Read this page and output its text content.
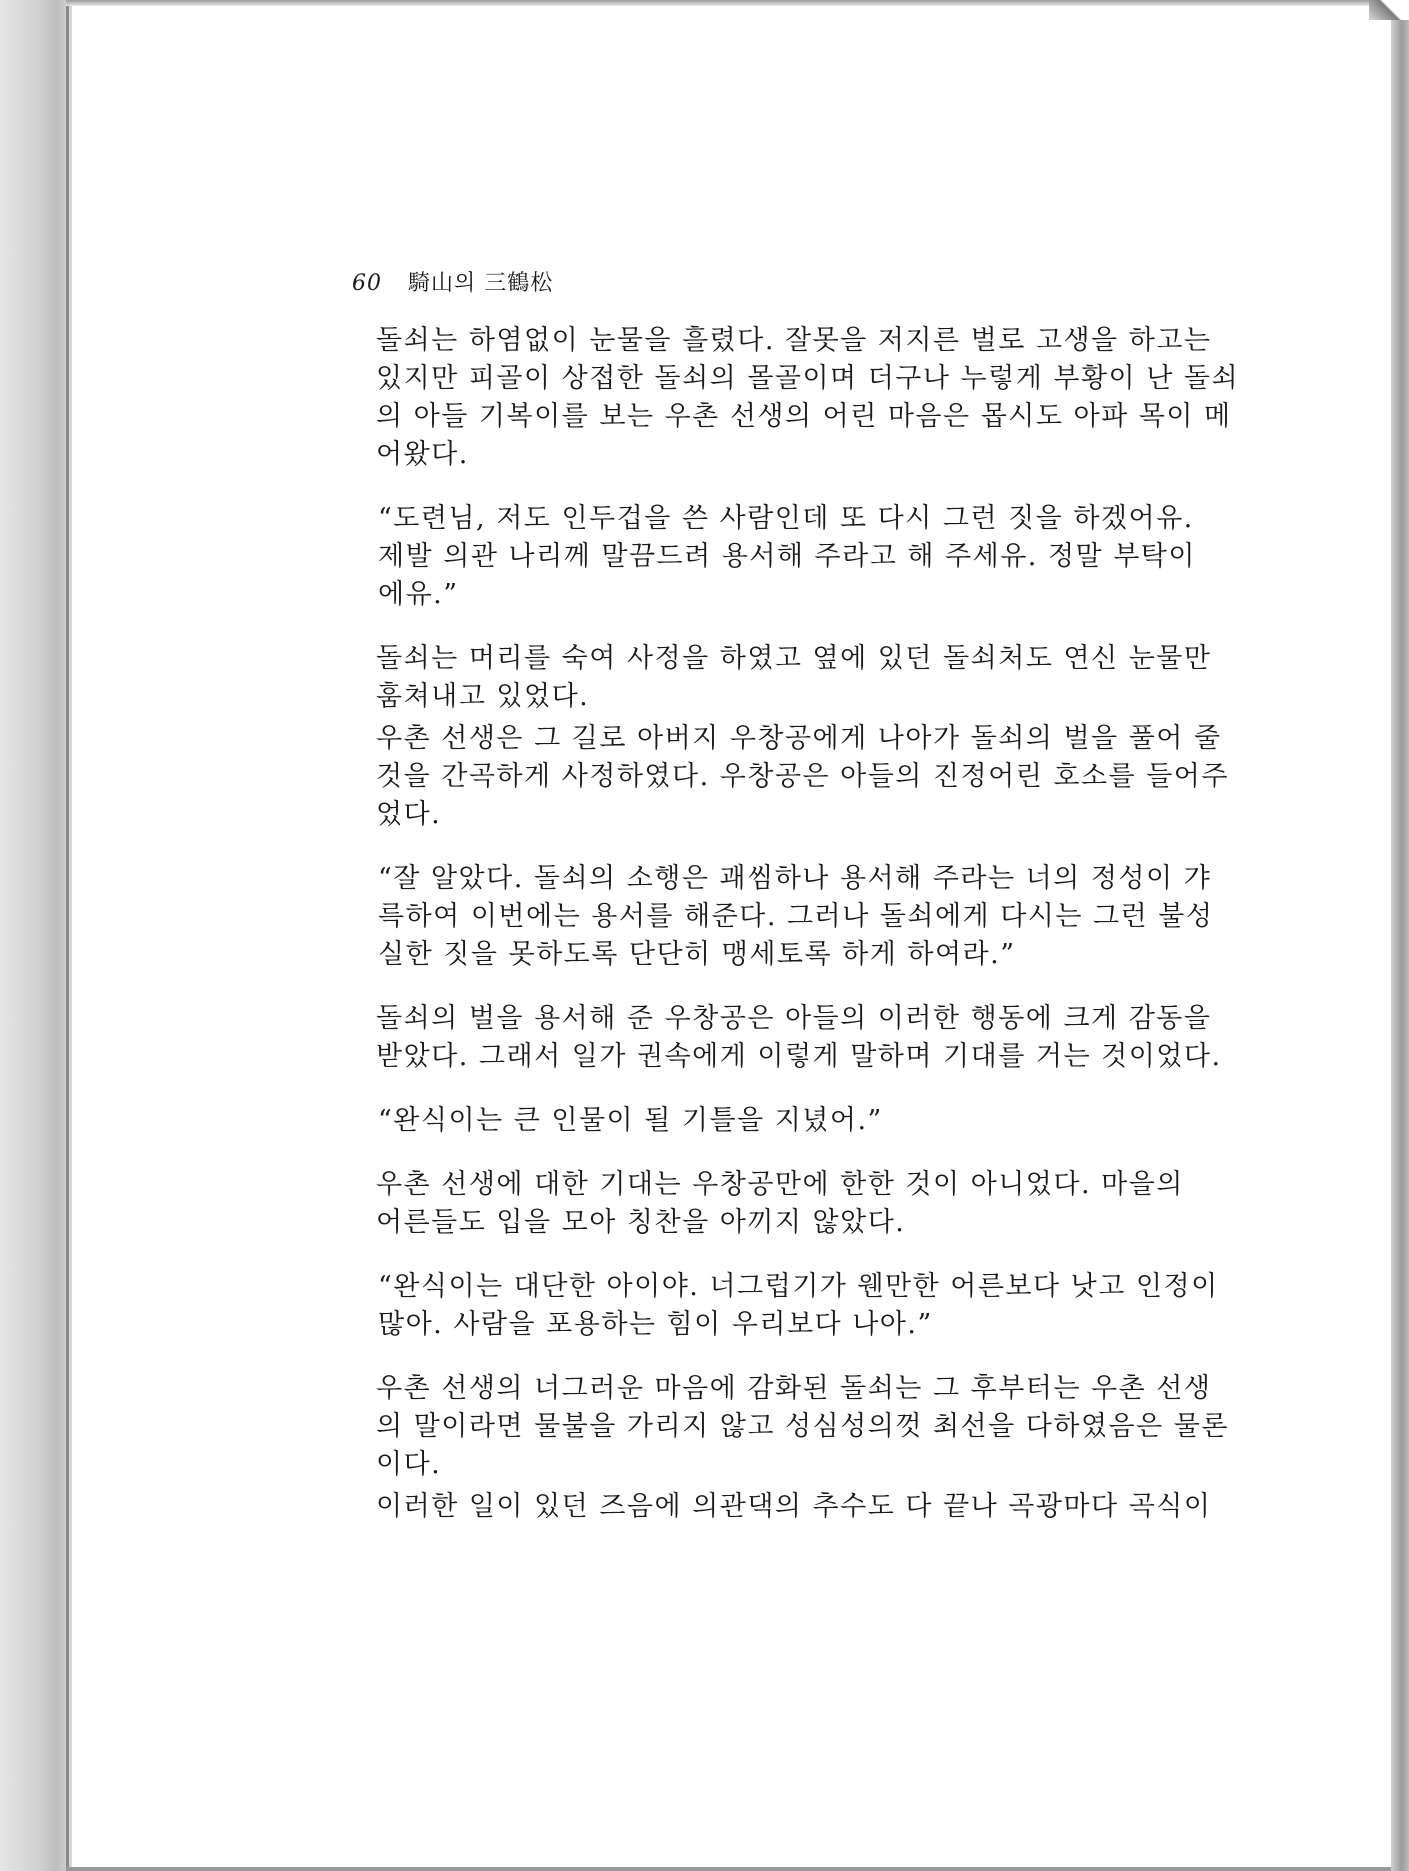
60 騎山의 三鶴松

돌쇠는 하염없이 눈물을 흘렸다. 잘못을 저지른 벌로 고생을 하고는
있지만 피골이 상접한 돌쇠의 몰골이며 더구나 누렇게 부황이 난 돌쇠
의 아들 기복이를 보는 우촌 선생의 어린 마음은 몹시도 아파 목이 메
어왔다.

“도련님, 저도 인두겁을 쓴 사람인데 또 다시 그런 짓을 하겠어유.
제발 의관 나리께 말끔드려 용서해 주라고 해 주세유. 정말 부탁이
에유.”

돌쇠는 머리를 숙여 사정을 하였고 옆에 있던 돌쇠처도 연신 눈물만
훔쳐내고 있었다.

우촌 선생은 그 길로 아버지 우창공에게 나아가 돌쇠의 벌을 풀어 줄
것을 간곡하게 사정하였다. 우창공은 아들의 진정어린 호소를 들어주
었다.

“잘 알았다. 돌쇠의 소행은 괘씸하나 용서해 주라는 너의 정성이 갸
륵하여 이번에는 용서를 해준다. 그러나 돌쇠에게 다시는 그런 불성
실한 짓을 못하도록 단단히 맹세토록 하게 하여라.”

돌쇠의 벌을 용서해 준 우창공은 아들의 이러한 행동에 크게 감동을
받았다. 그래서 일가 권속에게 이렇게 말하며 기대를 거는 것이었다.

“완식이는 큰 인물이 될 기틀을 지녔어.”

우촌 선생에 대한 기대는 우창공만에 한한 것이 아니었다. 마을의
어른들도 입을 모아 칭찬을 아끼지 않았다.

“완식이는 대단한 아이야. 너그럽기가 웬만한 어른보다 낫고 인정이
많아. 사람을 포용하는 힘이 우리보다 나아.”

우촌 선생의 너그러운 마음에 감화된 돌쇠는 그 후부터는 우촌 선생
의 말이라면 물불을 가리지 않고 성심성의껏 최선을 다하였음은 물론
이다.

이러한 일이 있던 즈음에 의관댁의 추수도 다 끝나 곡광마다 곡식이
